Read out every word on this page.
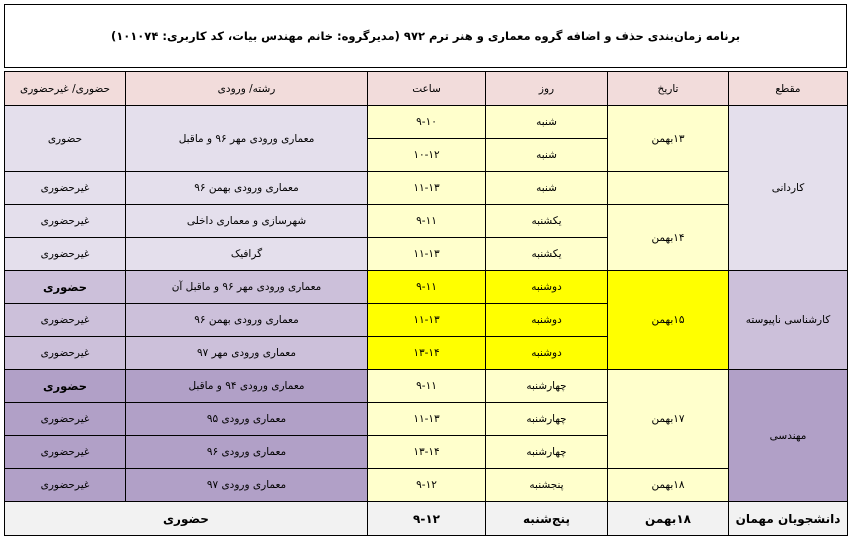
برنامه زمان‌بندی حذف و اضافه گروه معماری و هنر ترم ۹۷۲ (مدیرگروه: خانم مهندس بیات، کد کاربری: ۱۰۱۰۷۴)
مقطع	تاریخ	روز	ساعت	رشته/ ورودی	حضوری/ غیرحضوری
کاردانی	۱۳بهمن	شنبه	۹-۱۰	معماری ورودی مهر ۹۶ و ماقبل	حضوری
		شنبه	۱۰-۱۲		
		شنبه	۱۱-۱۳	معماری ورودی بهمن ۹۶	غیرحضوری
	۱۴بهمن	یکشنبه	۹-۱۱	شهرسازی و معماری داخلی	غیرحضوری
		یکشنبه	۱۱-۱۳	گرافیک	غیرحضوری
کارشناسی ناپیوسته	۱۵بهمن	دوشنبه	۹-۱۱	معماری ورودی مهر ۹۶ و ماقبل آن	حضوری
		دوشنبه	۱۱-۱۳	معماری ورودی بهمن ۹۶	غیرحضوری
		دوشنبه	۱۳-۱۴	معماری ورودی مهر ۹۷	غیرحضوری
مهندسی	۱۷بهمن	چهارشنبه	۹-۱۱	معماری ورودی ۹۴ و ماقبل	حضوری
		چهارشنبه	۱۱-۱۳	معماری ورودی ۹۵	غیرحضوری
		چهارشنبه	۱۳-۱۴	معماری ورودی ۹۶	غیرحضوری
	۱۸بهمن	پنجشنبه	۹-۱۲	معماری ورودی ۹۷	غیرحضوری
دانشجویان مهمان	۱۸بهمن	پنج‌شنبه	۹-۱۲	حضوری	
